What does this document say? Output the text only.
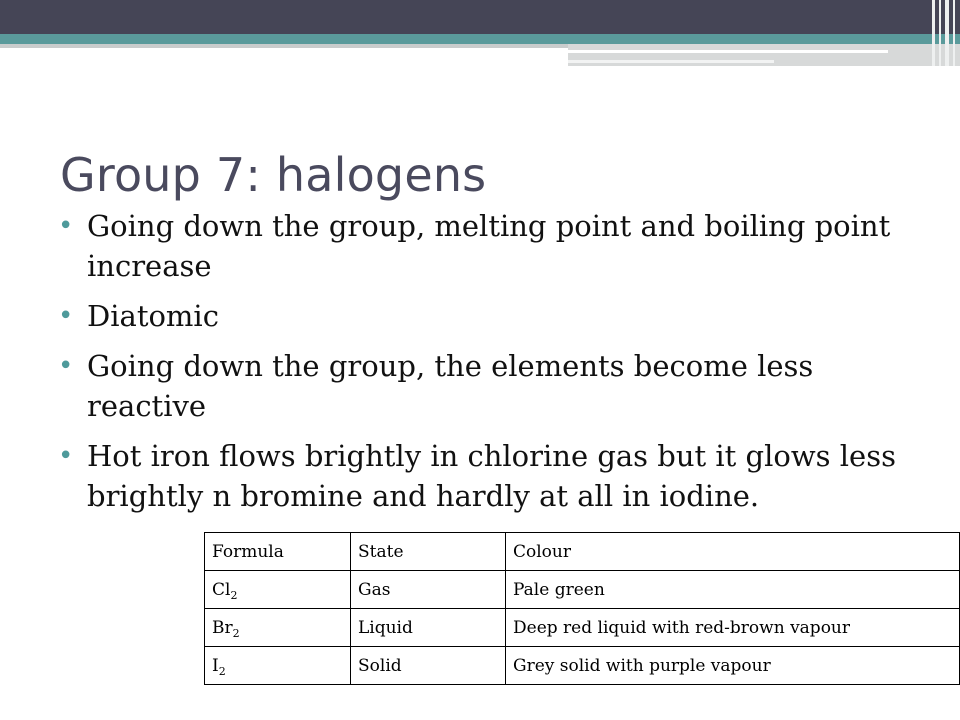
Group 7: halogens
• Going down the group, melting point and boiling point increase
• Diatomic
• Going down the group, the elements become less reactive
• Hot iron flows brightly in chlorine gas but it glows less brightly n bromine and hardly at all in iodine.
Formula	State	Colour
$Cl_2$	Gas	Pale green
$Br_2$	Liquid	Deep red liquid with red-brown vapour
$I_2$	Solid	Grey solid with purple vapour
